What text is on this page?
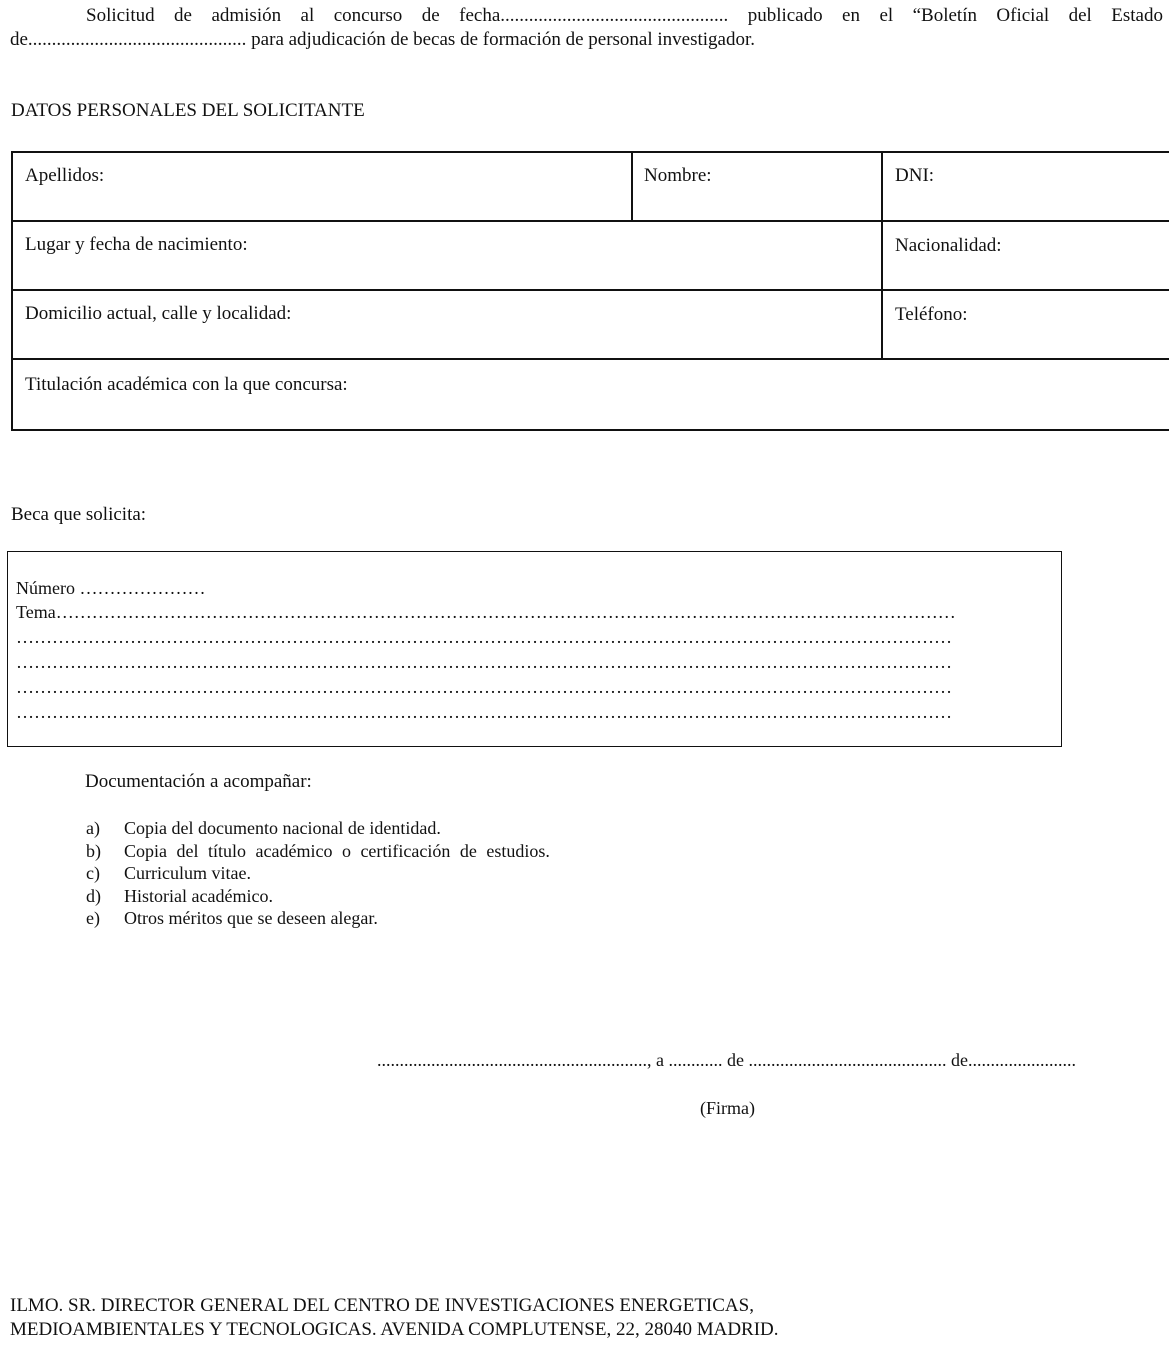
Solicitud de admisión al concurso de fecha................................................ publicado en el “Boletín Oficial del Estado

de.............................................. para adjudicación de becas de formación de personal investigador.

DATOS PERSONALES DEL SOLICITANTE
Apellidos:	Nombre:	DNI:
Lugar y fecha de nacimiento:	Nacionalidad:
Domicilio actual, calle y localidad:	Teléfono:
Titulación académica con la que concursa:
Beca que solicita:
Número …………………
Tema……………………………………………………………………………………………………………………………………
…………………………………………………………………………………………………………………………………………
…………………………………………………………………………………………………………………………………………
…………………………………………………………………………………………………………………………………………
…………………………………………………………………………………………………………………………………………
Documentación a acompañar:
a) Copia del documento nacional de identidad.
b) Copia del título académico o certificación de estudios.
c) Curriculum vitae.
d) Historial académico.
e) Otros méritos que se deseen alegar.
............................................................, a ............ de ............................................ de........................
(Firma)
ILMO. SR. DIRECTOR GENERAL DEL CENTRO DE INVESTIGACIONES ENERGETICAS,
MEDIOAMBIENTALES Y TECNOLOGICAS. AVENIDA COMPLUTENSE, 22, 28040 MADRID.
